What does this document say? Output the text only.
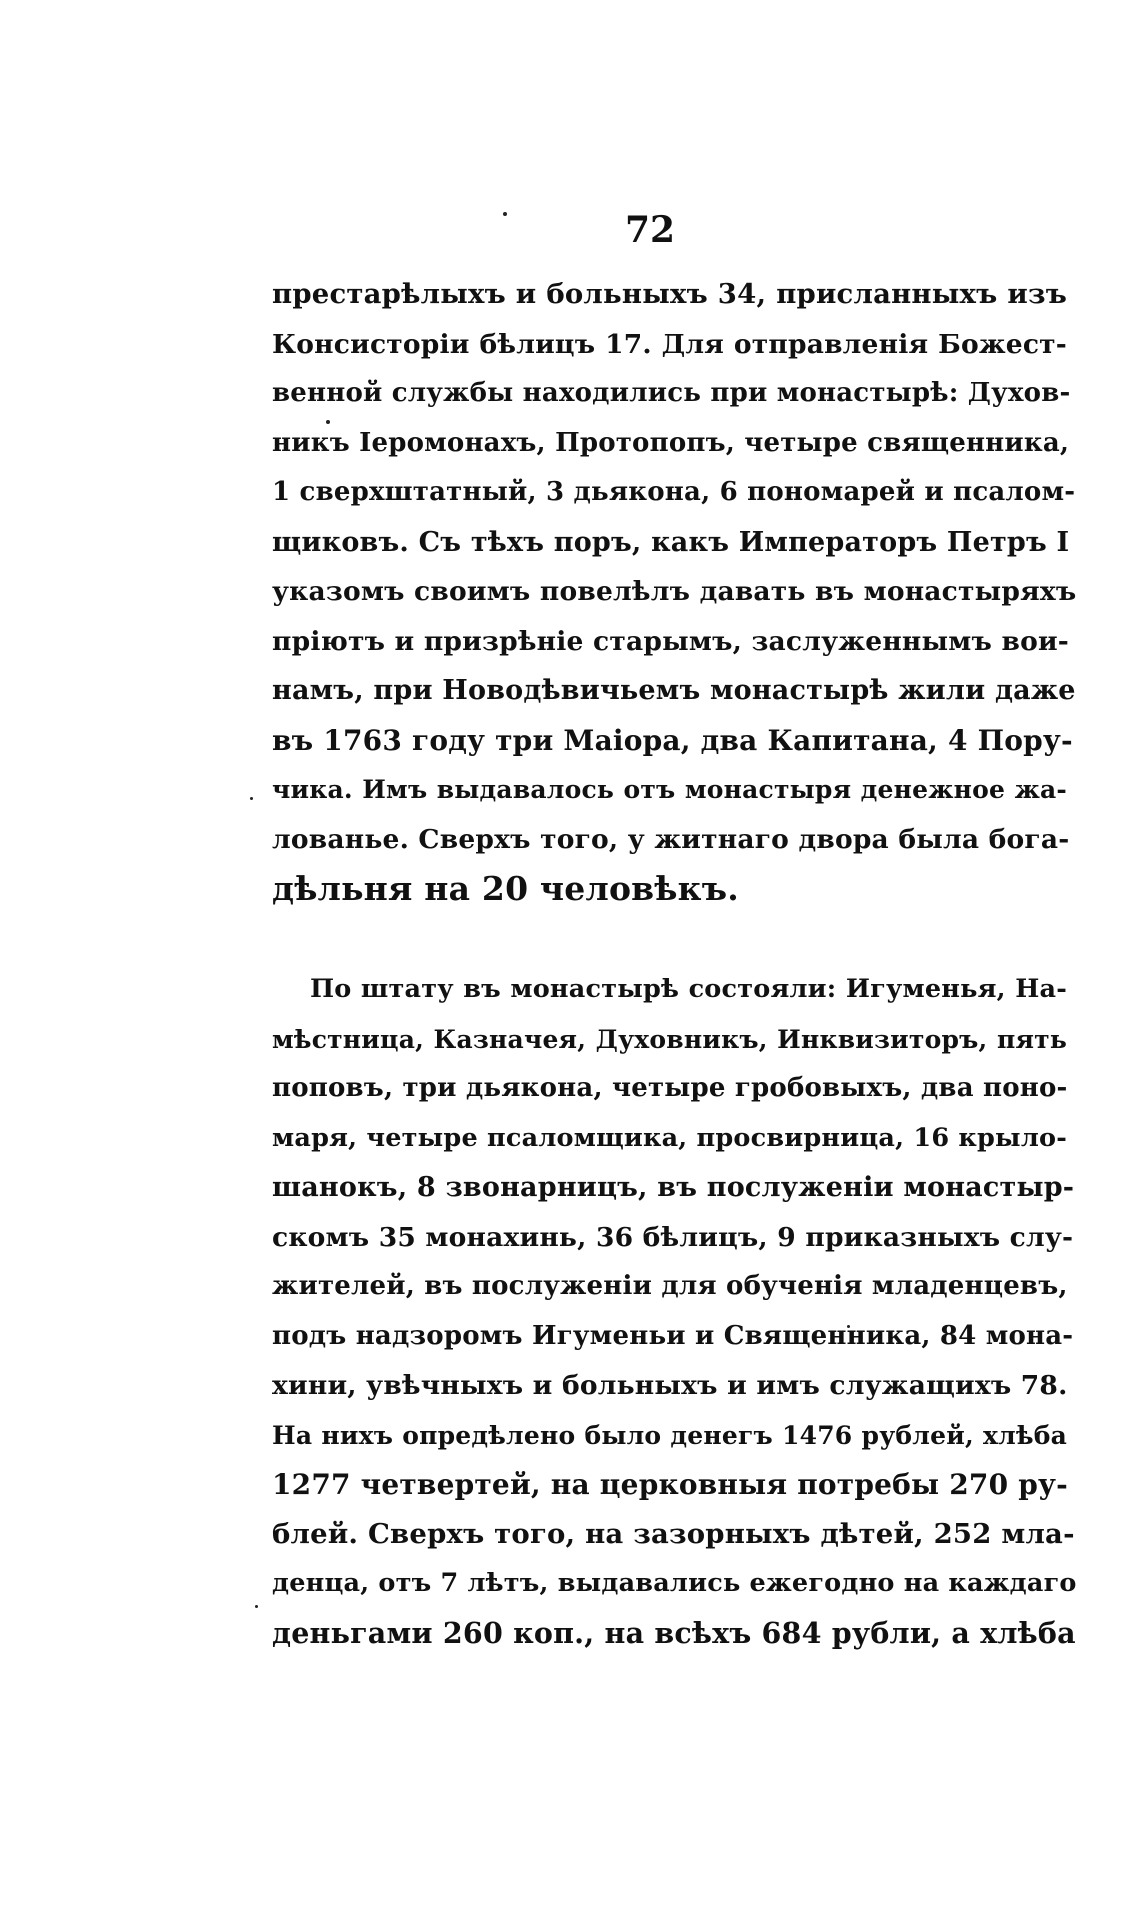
72
престарѣлыхъ и больныхъ 34, присланныхъ изъ
Консисторіи бѣлицъ 17. Для отправленія Божест-
венной службы находились при монастырѣ: Духов-
никъ Іеромонахъ, Протопопъ, четыре священника,
1 сверхштатный, 3 дьякона, 6 пономарей и псалом-
щиковъ. Съ тѣхъ поръ, какъ Императоръ Петръ I
указомъ своимъ повелѣлъ давать въ монастыряхъ
пріютъ и призрѣніе старымъ, заслуженнымъ вои-
намъ, при Новодѣвичьемъ монастырѣ жили даже
въ 1763 году три Маіора, два Капитана, 4 Пору-
чика. Имъ выдавалось отъ монастыря денежное жа-
лованье. Сверхъ того, у житнаго двора была бога-
дѣльня на 20 человѣкъ.
По штату въ монастырѣ состояли: Игуменья, На-
мѣстница, Казначея, Духовникъ, Инквизиторъ, пять
поповъ, три дьякона, четыре гробовыхъ, два поно-
маря, четыре псаломщика, просвирница, 16 крыло-
шанокъ, 8 звонарницъ, въ послуженіи монастыр-
скомъ 35 монахинь, 36 бѣлицъ, 9 приказныхъ слу-
жителей, въ послуженіи для обученія младенцевъ,
подъ надзоромъ Игуменьи и Священника, 84 мона-
хини, увѣчныхъ и больныхъ и имъ служащихъ 78.
На нихъ опредѣлено было денегъ 1476 рублей, хлѣба
1277 четвертей, на церковныя потребы 270 ру-
блей. Сверхъ того, на зазорныхъ дѣтей, 252 мла-
денца, отъ 7 лѣтъ, выдавались ежегодно на каждаго
деньгами 260 коп., на всѣхъ 684 рубли, а хлѣба
